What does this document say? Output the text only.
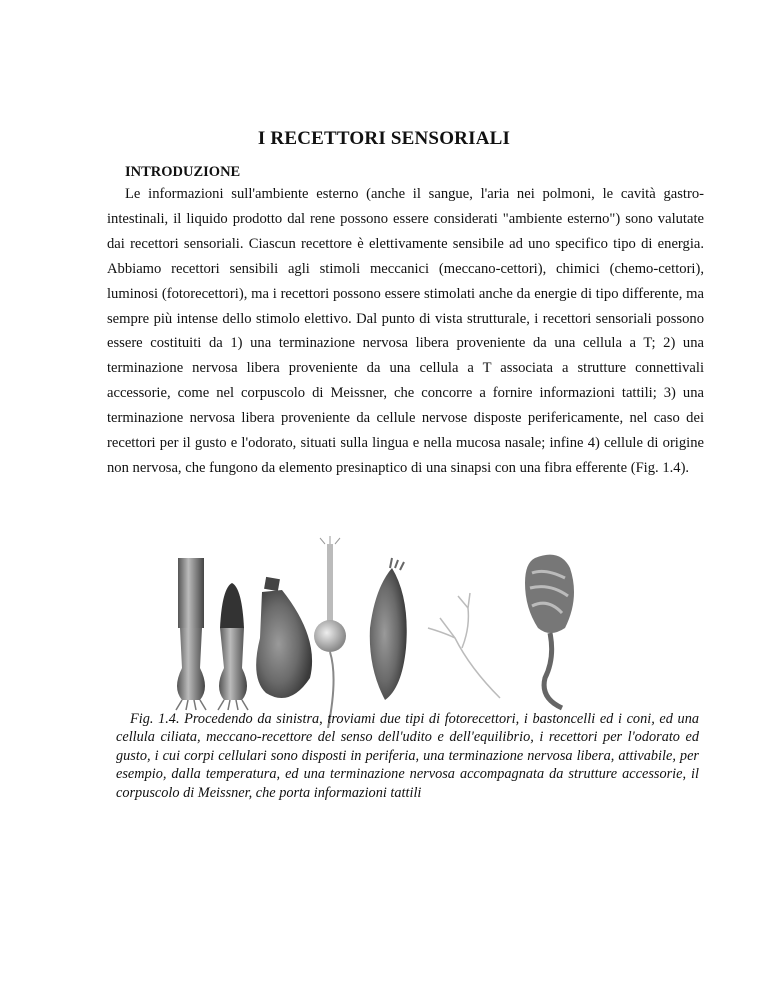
I RECETTORI SENSORIALI
INTRODUZIONE

Le informazioni sull'ambiente esterno (anche il sangue, l'aria nei polmoni, le cavità gastro-intestinali, il liquido prodotto dal rene possono essere considerati "ambiente esterno") sono valutate dai recettori sensoriali. Ciascun recettore è elettivamente sensibile ad uno specifico tipo di energia. Abbiamo recettori sensibili agli stimoli meccanici (meccano-cettori), chimici (chemo-cettori), luminosi (fotorecettori), ma i recettori possono essere stimolati anche da energie di tipo differente, ma sempre più intense dello stimolo elettivo. Dal punto di vista strutturale, i recettori sensoriali possono essere costituiti da 1) una terminazione nervosa libera proveniente da una cellula a T; 2) una terminazione nervosa libera proveniente da una cellula a T associata a strutture connettivali accessorie, come nel corpuscolo di Meissner, che concorre a fornire informazioni tattili; 3) una terminazione nervosa libera proveniente da cellule nervose disposte perifericamente, nel caso dei recettori per il gusto e l'odorato, situati sulla lingua e nella mucosa nasale; infine 4) cellule di origine non nervosa, che fungono da elemento presinaptico di una sinapsi con una fibra efferente (Fig. 1.4).

Fig. 1.4. Procedendo da sinistra, troviami due tipi di fotorecettori, i bastoncelli ed i coni, ed una cellula ciliata, meccano-recettore del senso dell'udito e dell'equilibrio, i recettori per l'odorato ed gusto, i cui corpi cellulari sono disposti in periferia, una terminazione nervosa libera, attivabile, per esempio, dalla temperatura, ed una terminazione nervosa accompagnata da strutture accessorie, il corpuscolo di Meissner, che porta informazioni tattili
